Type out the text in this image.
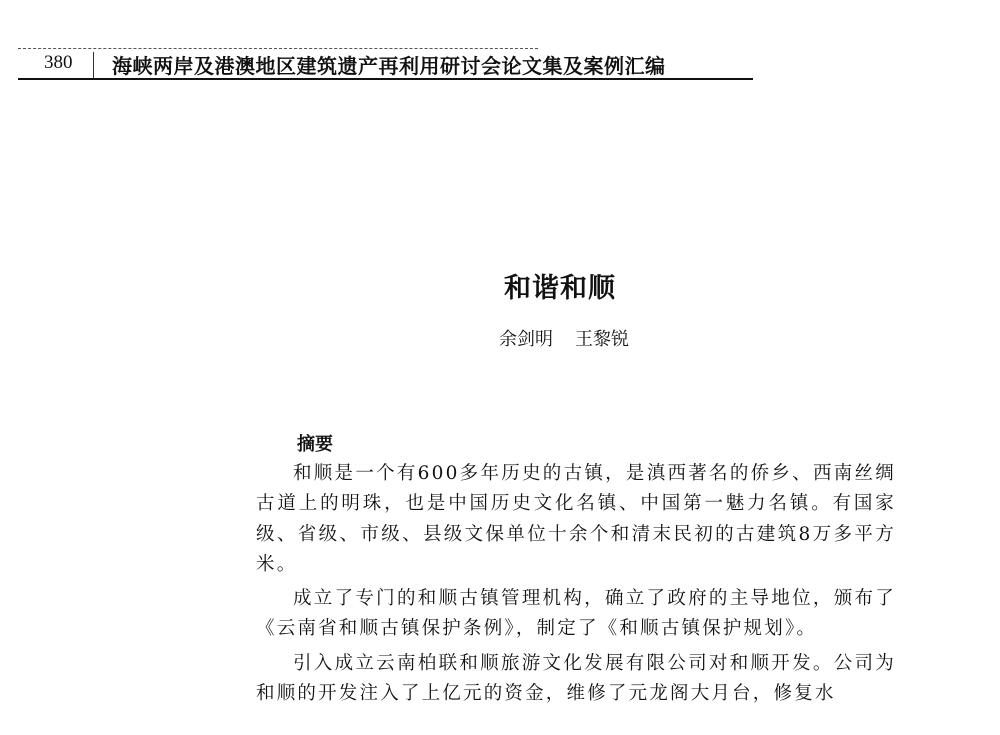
380 海峡两岸及港澳地区建筑遗产再利用研讨会论文集及案例汇编
和谐和顺
余剑明 王黎锐
摘要

和顺是一个有600多年历史的古镇，是滇西著名的侨乡、西南丝绸古道上的明珠，也是中国历史文化名镇、中国第一魅力名镇。有国家级、省级、市级、县级文保单位十余个和清末民初的古建筑8万多平方米。

成立了专门的和顺古镇管理机构，确立了政府的主导地位，颁布了《云南省和顺古镇保护条例》，制定了《和顺古镇保护规划》。

引入成立云南柏联和顺旅游文化发展有限公司对和顺开发。公司为和顺的开发注入了上亿元的资金，维修了元龙阁大月台，修复水
